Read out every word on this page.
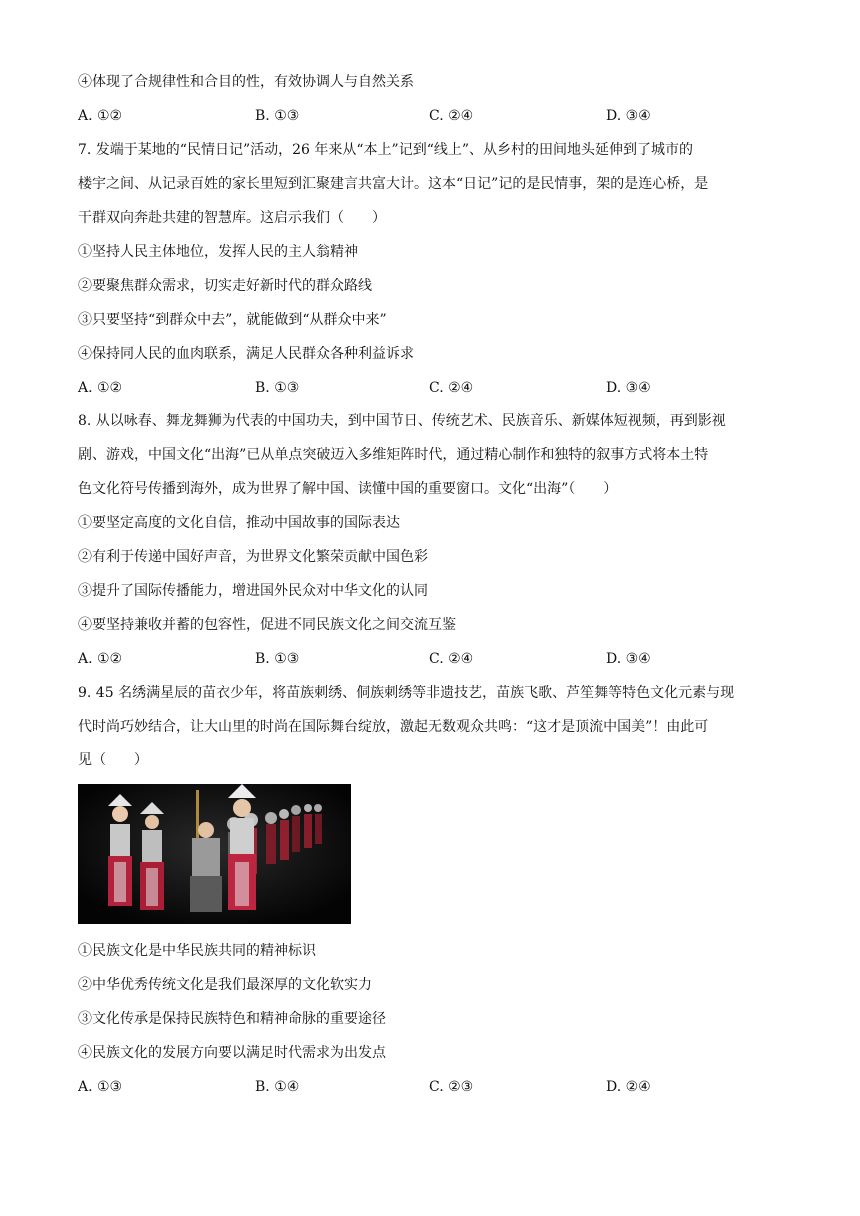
④体现了合规律性和合目的性，有效协调人与自然关系
A. ①②	B. ①③	C. ②④	D. ③④
7. 发端于某地的“民情日记”活动，26 年来从“本上”记到“线上”、从乡村的田间地头延伸到了城市的
楼宇之间、从记录百姓的家长里短到汇聚建言共富大计。这本“日记”记的是民情事，架的是连心桥，是
干群双向奔赴共建的智慧库。这启示我们（　　）
①坚持人民主体地位，发挥人民的主人翁精神
②要聚焦群众需求，切实走好新时代的群众路线
③只要坚持“到群众中去”，就能做到“从群众中来”
④保持同人民的血肉联系，满足人民群众各种利益诉求
A. ①②	B. ①③	C. ②④	D. ③④
8. 从以咏春、舞龙舞狮为代表的中国功夫，到中国节日、传统艺术、民族音乐、新媒体短视频，再到影视
剧、游戏，中国文化“出海”已从单点突破迈入多维矩阵时代，通过精心制作和独特的叙事方式将本土特
色文化符号传播到海外，成为世界了解中国、读懂中国的重要窗口。文化“出海”（　　）
①要坚定高度的文化自信，推动中国故事的国际表达
②有利于传递中国好声音，为世界文化繁荣贡献中国色彩
③提升了国际传播能力，增进国外民众对中华文化的认同
④要坚持兼收并蓄的包容性，促进不同民族文化之间交流互鉴
A. ①②	B. ①③	C. ②④	D. ③④
9. 45 名绣满星辰的苗衣少年，将苗族刺绣、侗族刺绣等非遗技艺，苗族飞歌、芦笙舞等特色文化元素与现
代时尚巧妙结合，让大山里的时尚在国际舞台绽放，激起无数观众共鸣：“这才是顶流中国美”！由此可
见（　　）
①民族文化是中华民族共同的精神标识
②中华优秀传统文化是我们最深厚的文化软实力
③文化传承是保持民族特色和精神命脉的重要途径
④民族文化的发展方向要以满足时代需求为出发点
A. ①③	B. ①④	C. ②③	D. ②④
